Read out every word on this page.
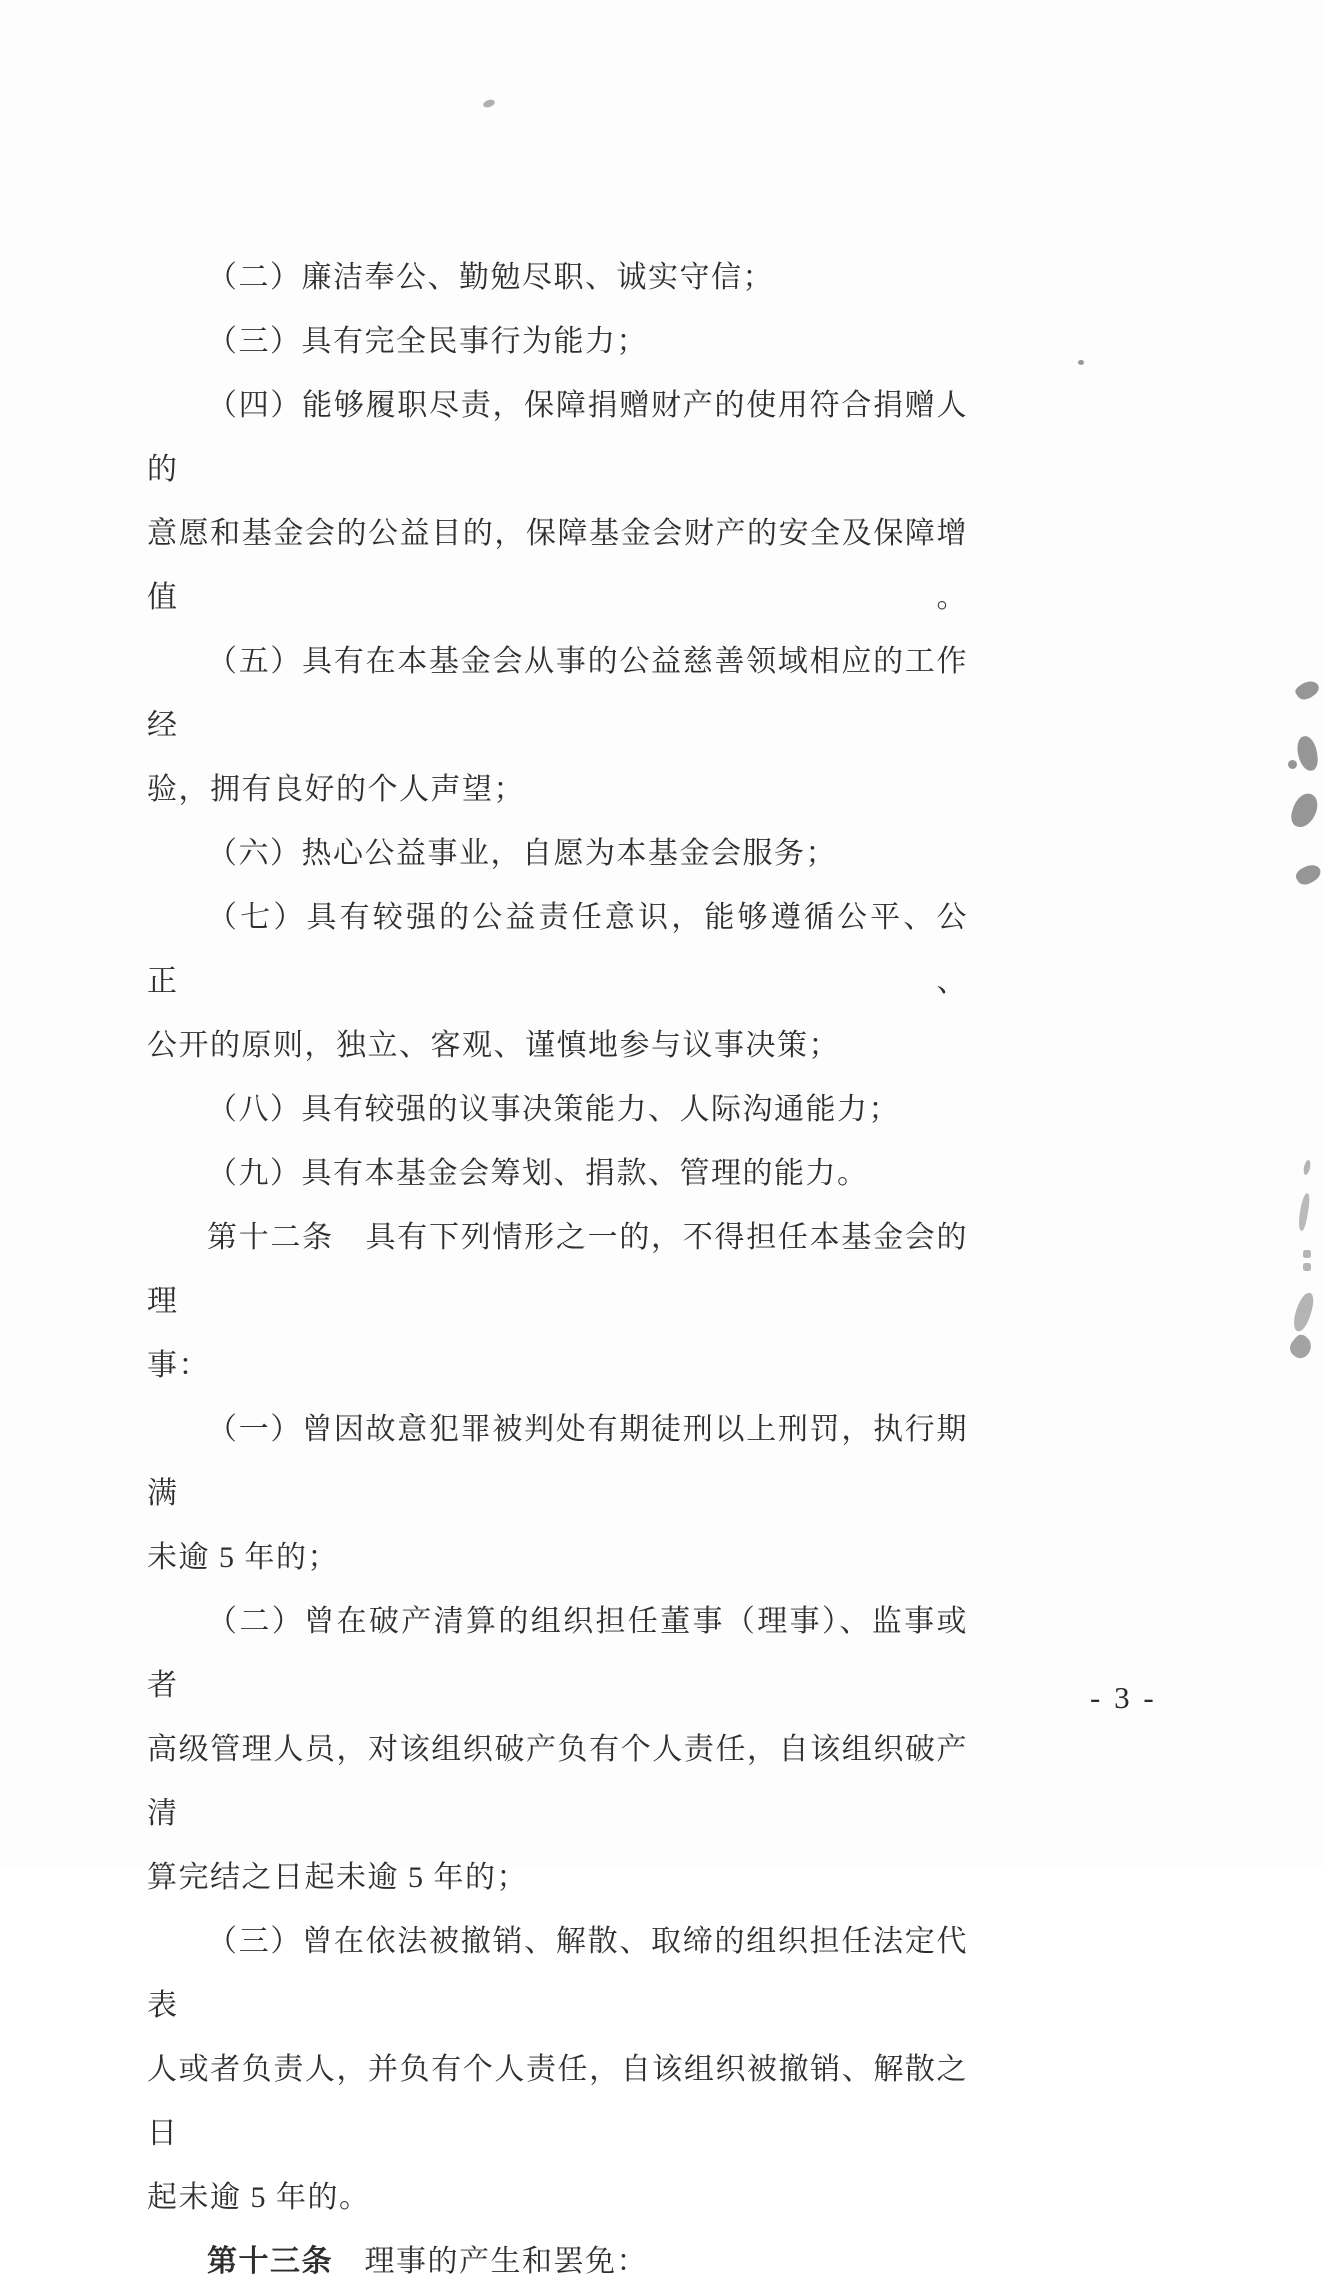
（二）廉洁奉公、勤勉尽职、诚实守信；
（三）具有完全民事行为能力；
（四）能够履职尽责，保障捐赠财产的使用符合捐赠人的
意愿和基金会的公益目的，保障基金会财产的安全及保障增值。
（五）具有在本基金会从事的公益慈善领域相应的工作经
验，拥有良好的个人声望；
（六）热心公益事业，自愿为本基金会服务；
（七）具有较强的公益责任意识，能够遵循公平、公正、
公开的原则，独立、客观、谨慎地参与议事决策；
（八）具有较强的议事决策能力、人际沟通能力；
（九）具有本基金会筹划、捐款、管理的能力。
第十二条　具有下列情形之一的，不得担任本基金会的理
事：
（一）曾因故意犯罪被判处有期徒刑以上刑罚，执行期满
未逾 5 年的；
（二）曾在破产清算的组织担任董事（理事）、监事或者
高级管理人员，对该组织破产负有个人责任，自该组织破产清
算完结之日起未逾 5 年的；
（三）曾在依法被撤销、解散、取缔的组织担任法定代表
人或者负责人，并负有个人责任，自该组织被撤销、解散之日
起未逾 5 年的。
第十三条　理事的产生和罢免：
- 3 -
